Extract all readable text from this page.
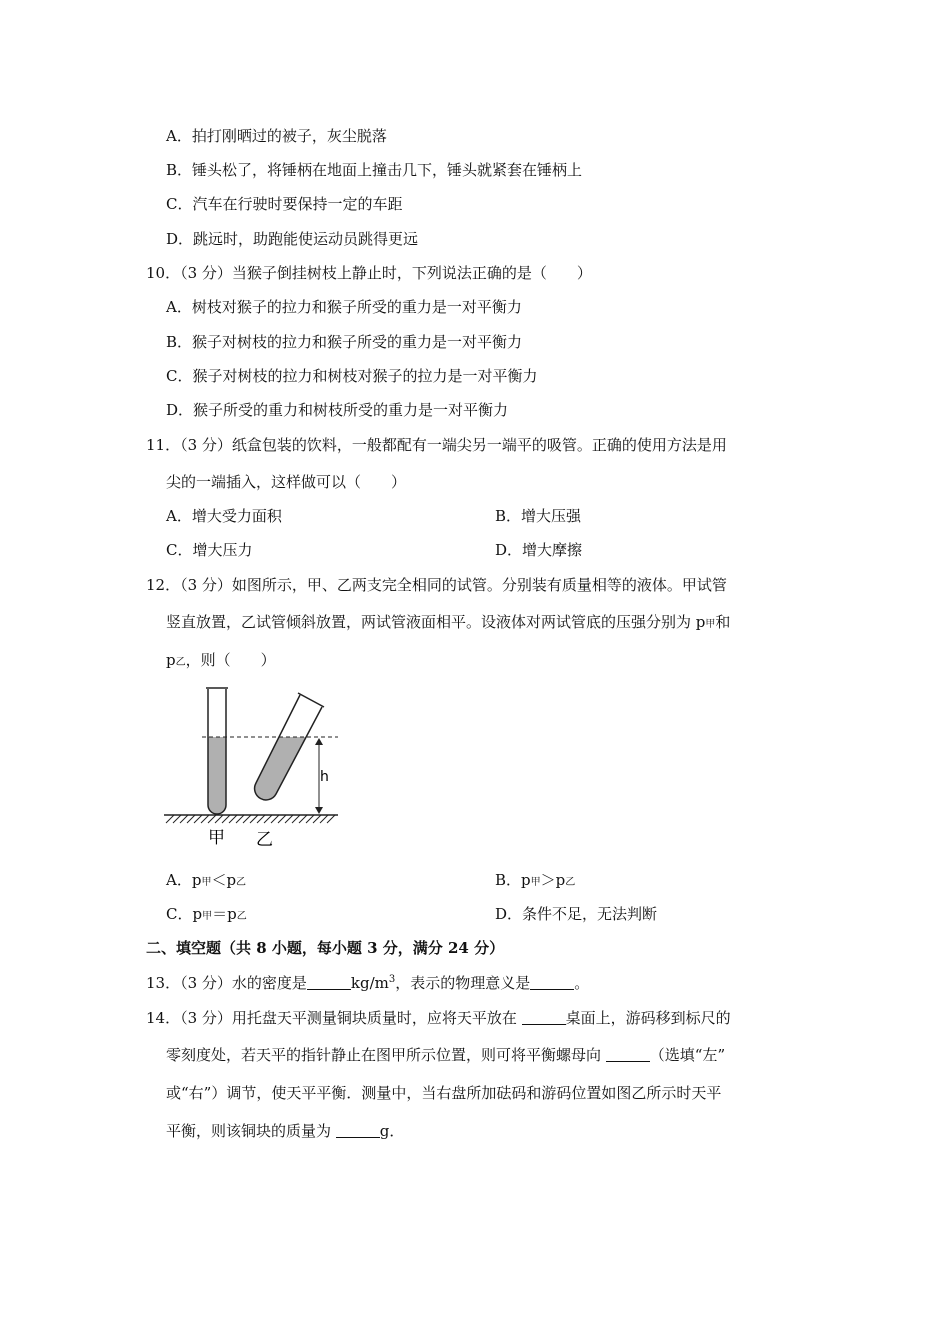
A．拍打刚晒过的被子，灰尘脱落
B．锤头松了，将锤柄在地面上撞击几下，锤头就紧套在锤柄上
C．汽车在行驶时要保持一定的车距
D．跳远时，助跑能使运动员跳得更远
10．（3 分）当猴子倒挂树枝上静止时，下列说法正确的是（　　）
A．树枝对猴子的拉力和猴子所受的重力是一对平衡力
B．猴子对树枝的拉力和猴子所受的重力是一对平衡力
C．猴子对树枝的拉力和树枝对猴子的拉力是一对平衡力
D．猴子所受的重力和树枝所受的重力是一对平衡力
11．（3 分）纸盒包装的饮料，一般都配有一端尖另一端平的吸管。正确的使用方法是用
尖的一端插入，这样做可以（　　）
A．增大受力面积	B．增大压强
C．增大压力	D．增大摩擦
12．（3 分）如图所示，甲、乙两支完全相同的试管。分别装有质量相等的液体。甲试管
竖直放置，乙试管倾斜放置，两试管液面相平。设液体对两试管底的压强分别为 p甲和
p乙，则（　　）
h
甲 乙
A．p甲＜p乙	B．p甲＞p乙
C．p甲＝p乙	D．条件不足，无法判断
二、填空题（共 8 小题，每小题 3 分，满分 24 分）
13．（3 分）水的密度是	$kg/m^3$，表示的物理意义是	。
14．（3 分）用托盘天平测量铜块质量时，应将天平放在	桌面上，游码移到标尺的
零刻度处，若天平的指针静止在图甲所示位置，则可将平衡螺母向	（选填“左”
或“右”）调节，使天平平衡．测量中，当右盘所加砝码和游码位置如图乙所示时天平
平衡，则该铜块的质量为	g．
